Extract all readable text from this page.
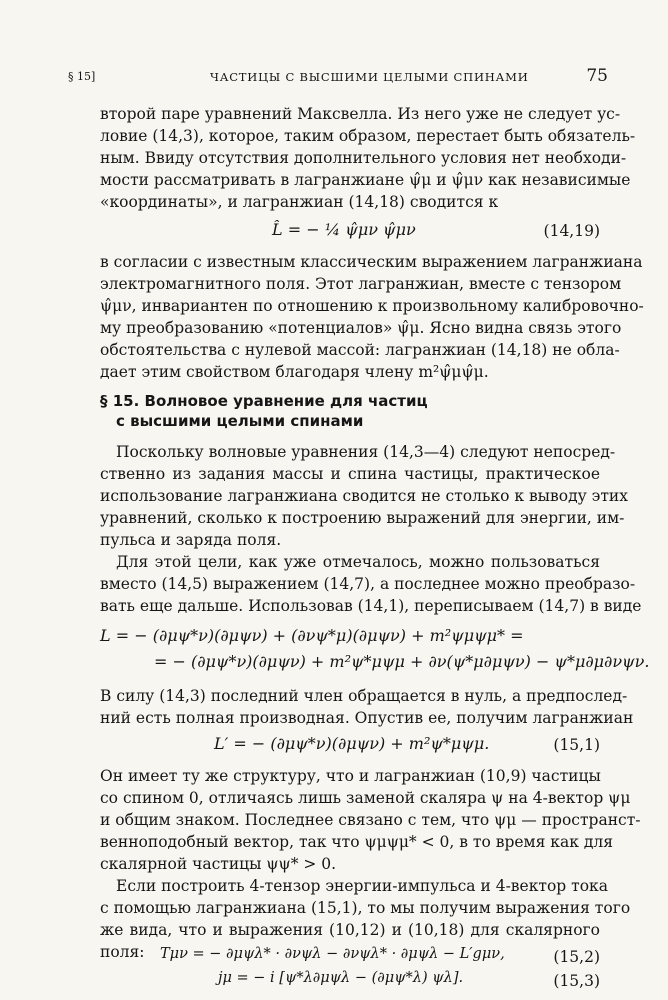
§ 15]	ЧАСТИЦЫ С ВЫСШИМИ ЦЕЛЫМИ СПИНАМИ	75
второй паре уравнений Максвелла. Из него уже не следует ус-
ловие (14,3), которое, таким образом, перестает быть обязатель-
ным. Ввиду отсутствия дополнительного условия нет необходи-
мости рассматривать в лагранжиане ψ̂μ и ψ̂μν как независимые
«координаты», и лагранжиан (14,18) сводится к
L̂ = − ¼ ψ̂μν ψ̂μν	(14,19)
в согласии с известным классическим выражением лагранжиана
электромагнитного поля. Этот лагранжиан, вместе с тензором
ψ̂μν, инвариантен по отношению к произвольному калибровочно-
му преобразованию «потенциалов» ψ̂μ. Ясно видна связь этого
обстоятельства с нулевой массой: лагранжиан (14,18) не обла-
дает этим свойством благодаря члену m²ψ̂μψ̂μ.
§ 15. Волновое уравнение для частиц
с высшими целыми спинами
Поскольку волновые уравнения (14,3—4) следуют непосред-
ственно из задания массы и спина частицы, практическое
использование лагранжиана сводится не столько к выводу этих
уравнений, сколько к построению выражений для энергии, им-
пульса и заряда поля.
Для этой цели, как уже отмечалось, можно пользоваться
вместо (14,5) выражением (14,7), а последнее можно преобразо-
вать еще дальше. Использовав (14,1), переписываем (14,7) в виде
L = − (∂μψ*ν)(∂μψν) + (∂νψ*μ)(∂μψν) + m²ψμψμ* =
= − (∂μψ*ν)(∂μψν) + m²ψ*μψμ + ∂ν(ψ*μ∂μψν) − ψ*μ∂μ∂νψν.
В силу (14,3) последний член обращается в нуль, а предпослед-
ний есть полная производная. Опустив ее, получим лагранжиан
L′ = − (∂μψ*ν)(∂μψν) + m²ψ*μψμ.	(15,1)
Он имеет ту же структуру, что и лагранжиан (10,9) частицы
со спином 0, отличаясь лишь заменой скаляра ψ на 4-вектор ψμ
и общим знаком. Последнее связано с тем, что ψμ — пространст-
венноподобный вектор, так что ψμψμ* < 0, в то время как для
скалярной частицы ψψ* > 0.
Если построить 4-тензор энергии-импульса и 4-вектор тока
с помощью лагранжиана (15,1), то мы получим выражения того
же вида, что и выражения (10,12) и (10,18) для скалярного
поля:	Tμν = − ∂μψλ* · ∂νψλ − ∂νψλ* · ∂μψλ − L′gμν,	(15,2)
jμ = − i [ψ*λ∂μψλ − (∂μψ*λ) ψλ].	(15,3)
